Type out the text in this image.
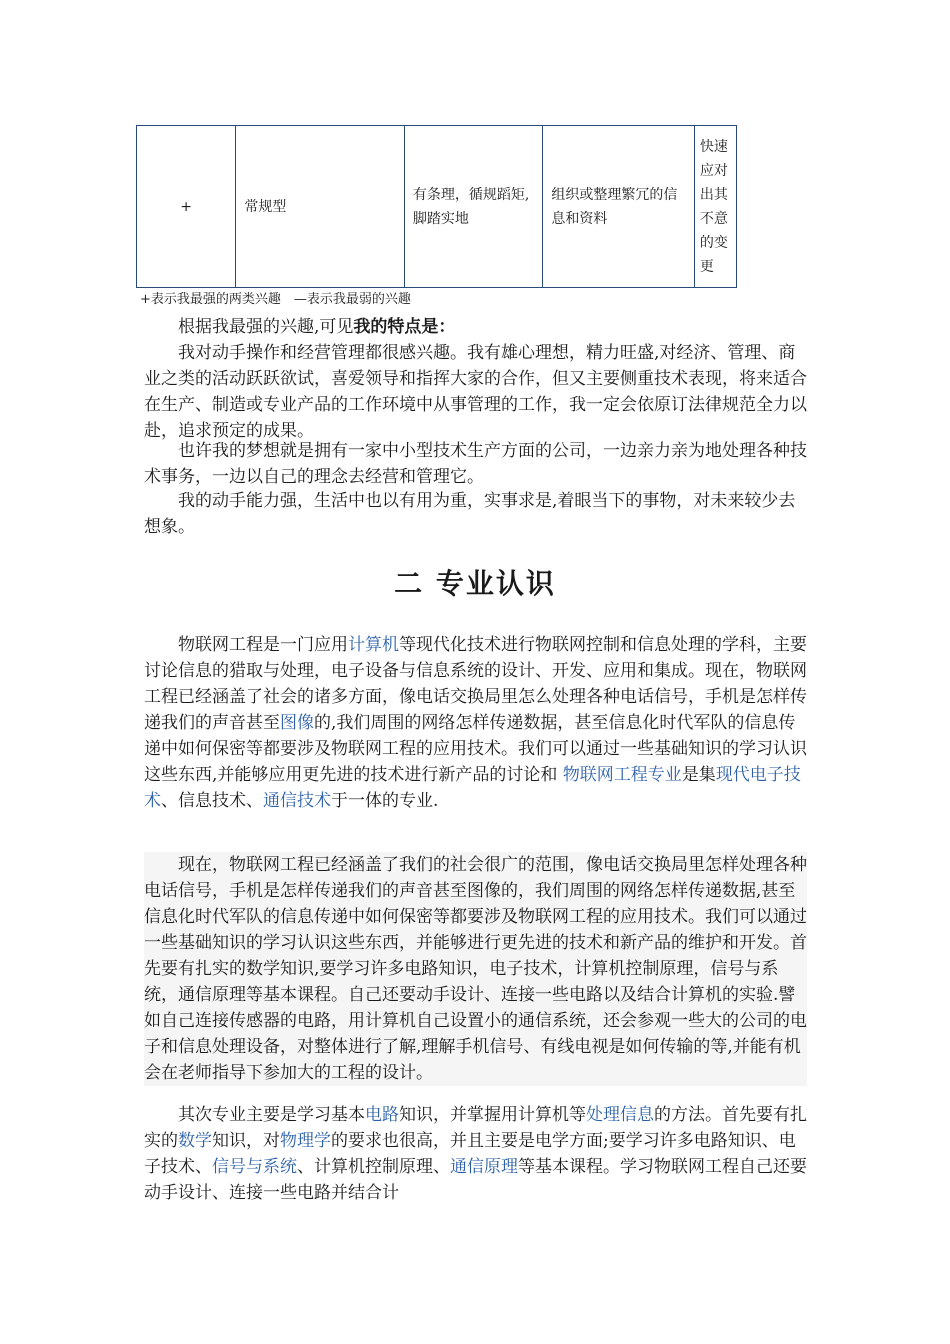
+	常规型	有条理，循规蹈矩, 脚踏实地	组织或整理繁冗的信息和资料	快速应对出其不意的变更
+表示我最强的两类兴趣　—表示我最弱的兴趣

根据我最强的兴趣,可见我的特点是：

我对动手操作和经营管理都很感兴趣。我有雄心理想，精力旺盛,对经济、管理、商业之类的活动跃跃欲试，喜爱领导和指挥大家的合作，但又主要侧重技术表现，将来适合在生产、制造或专业产品的工作环境中从事管理的工作，我一定会依原订法律规范全力以赴，追求预定的成果。

也许我的梦想就是拥有一家中小型技术生产方面的公司，一边亲力亲为地处理各种技术事务，一边以自己的理念去经营和管理它。

我的动手能力强，生活中也以有用为重，实事求是,着眼当下的事物，对未来较少去想象。

二 专业认识

物联网工程是一门应用计算机等现代化技术进行物联网控制和信息处理的学科，主要讨论信息的猎取与处理，电子设备与信息系统的设计、开发、应用和集成。现在，物联网工程已经涵盖了社会的诸多方面，像电话交换局里怎么处理各种电话信号，手机是怎样传递我们的声音甚至图像的,我们周围的网络怎样传递数据，甚至信息化时代军队的信息传递中如何保密等都要涉及物联网工程的应用技术。我们可以通过一些基础知识的学习认识这些东西,并能够应用更先进的技术进行新产品的讨论和 物联网工程专业是集现代电子技术、信息技术、通信技术于一体的专业.

现在，物联网工程已经涵盖了我们的社会很广的范围，像电话交换局里怎样处理各种电话信号，手机是怎样传递我们的声音甚至图像的，我们周围的网络怎样传递数据,甚至信息化时代军队的信息传递中如何保密等都要涉及物联网工程的应用技术。我们可以通过一些基础知识的学习认识这些东西，并能够进行更先进的技术和新产品的维护和开发。首先要有扎实的数学知识,要学习许多电路知识，电子技术，计算机控制原理，信号与系统，通信原理等基本课程。自己还要动手设计、连接一些电路以及结合计算机的实验.譬如自己连接传感器的电路，用计算机自己设置小的通信系统，还会参观一些大的公司的电子和信息处理设备，对整体进行了解,理解手机信号、有线电视是如何传输的等,并能有机会在老师指导下参加大的工程的设计。

其次专业主要是学习基本电路知识，并掌握用计算机等处理信息的方法。首先要有扎实的数学知识，对物理学的要求也很高，并且主要是电学方面;要学习许多电路知识、电子技术、信号与系统、计算机控制原理、通信原理等基本课程。学习物联网工程自己还要动手设计、连接一些电路并结合计
